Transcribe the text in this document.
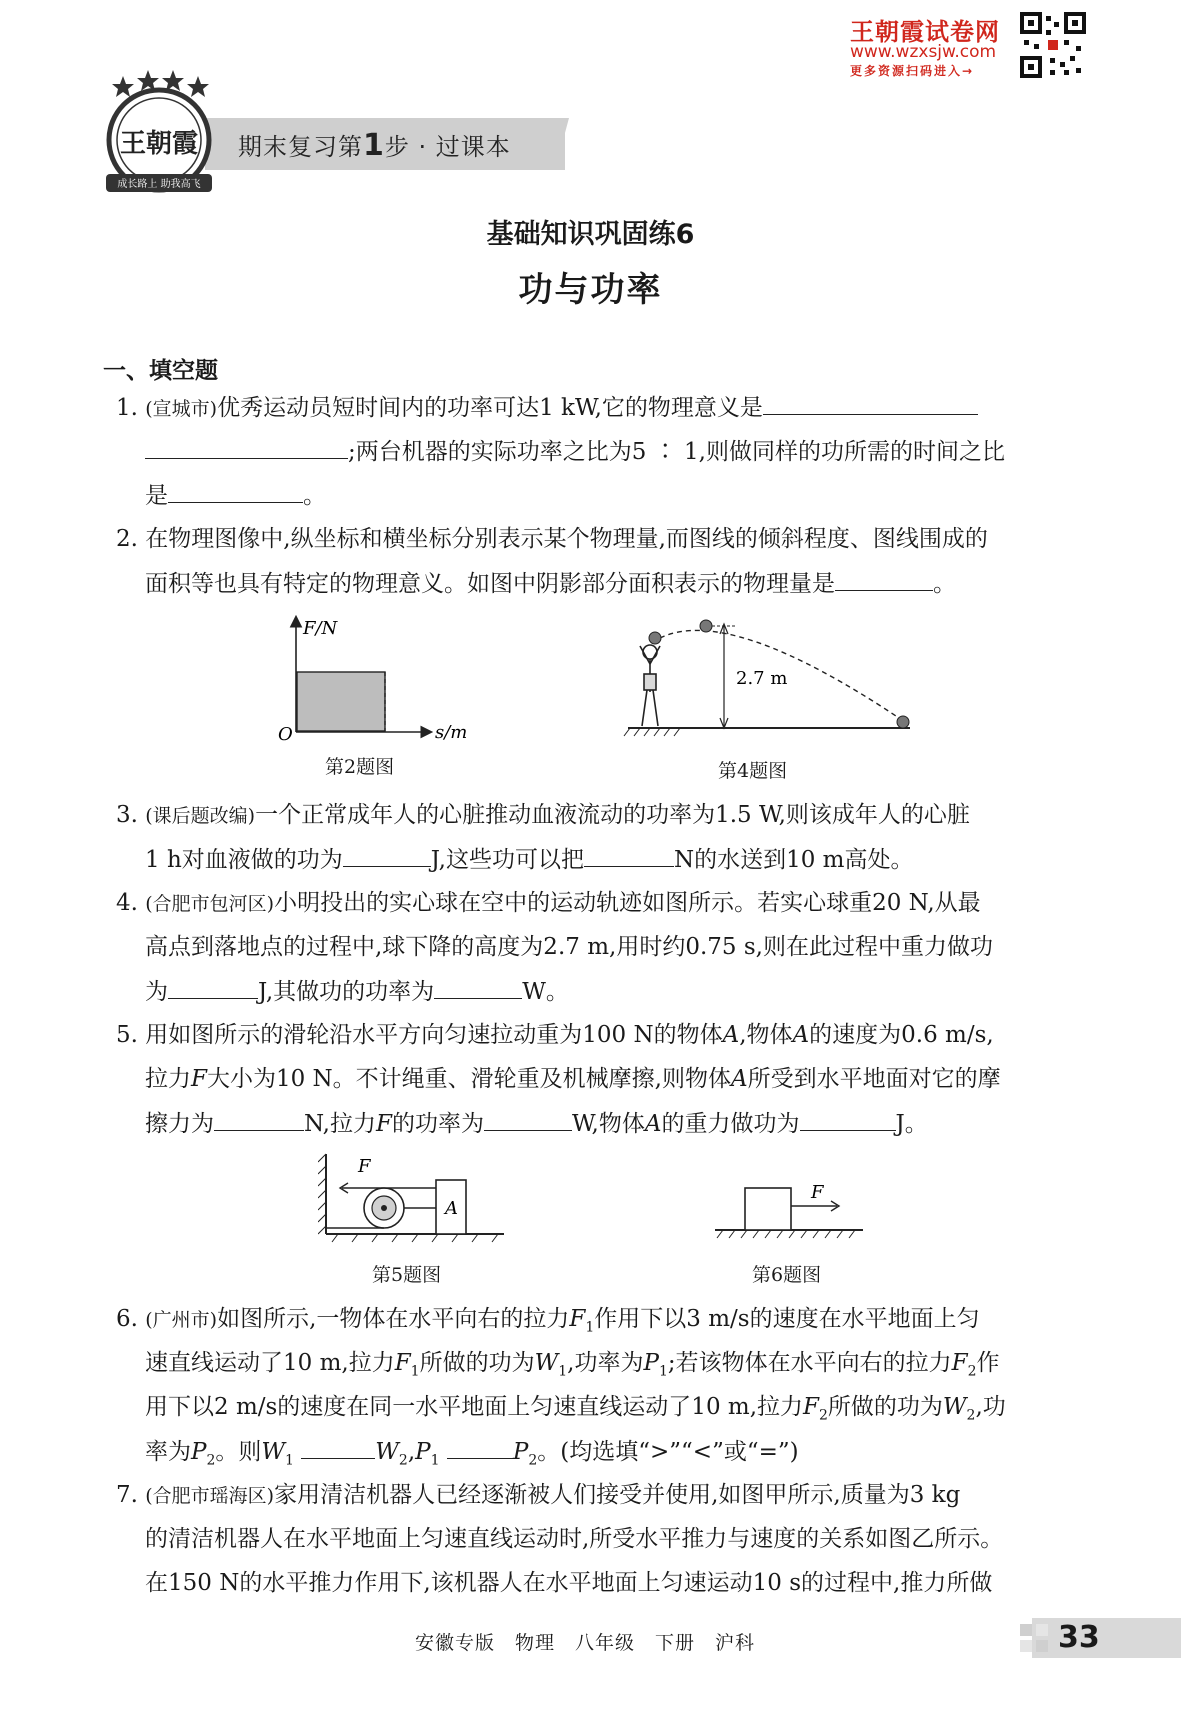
王朝霞试卷网
www.wzxsjw.com
更多资源扫码进入→
期末复习第1步 · 过课本
王朝霞
成长路上 助我高飞
基础知识巩固练6
功与功率
一、填空题
1. (宣城市)优秀运动员短时间内的功率可达1 kW,它的物理意义是
;两台机器的实际功率之比为5 ∶ 1,则做同样的功所需的时间之比
是	。
2. 在物理图像中,纵坐标和横坐标分别表示某个物理量,而图线的倾斜程度、图线围成的
面积等也具有特定的物理意义。如图中阴影部分面积表示的物理量是	。
F/N
O	s/m
第2题图
2.7 m
第4题图
3. (课后题改编)一个正常成年人的心脏推动血液流动的功率为1.5 W,则该成年人的心脏
1 h对血液做的功为	J,这些功可以把	N的水送到10 m高处。
4. (合肥市包河区)小明投出的实心球在空中的运动轨迹如图所示。若实心球重20 N,从最
高点到落地点的过程中,球下降的高度为2.7 m,用时约0.75 s,则在此过程中重力做功
为	J,其做功的功率为	W。
5. 用如图所示的滑轮沿水平方向匀速拉动重为100 N的物体A,物体A的速度为0.6 m/s,
拉力F大小为10 N。不计绳重、滑轮重及机械摩擦,则物体A所受到水平地面对它的摩
擦力为	N,拉力F的功率为	W,物体A的重力做功为	J。
A
F
第5题图
F
第6题图
6. (广州市)如图所示,一物体在水平向右的拉力$F_1$作用下以3 m/s的速度在水平地面上匀
速直线运动了10 m,拉力$F_1$所做的功为$W_1$,功率为$P_1$;若该物体在水平向右的拉力$F_2$作
用下以2 m/s的速度在同一水平地面上匀速直线运动了10 m,拉力$F_2$所做的功为$W_2$,功
率为$P_2$。则$W_1$	$W_2,P_1$	$P_2$。(均选填“>”“<”或“=”)
7. (合肥市瑶海区)家用清洁机器人已经逐渐被人们接受并使用,如图甲所示,质量为3 kg
的清洁机器人在水平地面上匀速直线运动时,所受水平推力与速度的关系如图乙所示。
在150 N的水平推力作用下,该机器人在水平地面上匀速运动10 s的过程中,推力所做
安徽专版　物理　八年级　下册　沪科	33
